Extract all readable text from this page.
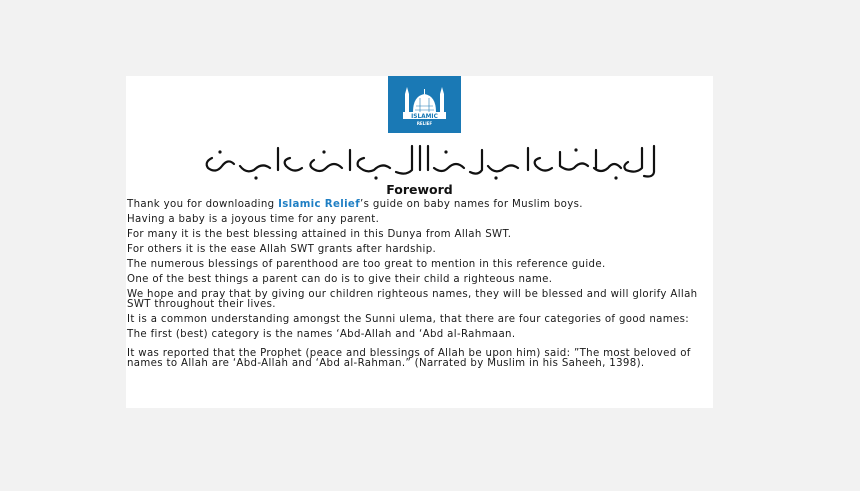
ISLAMIC
RELIEF
Foreword

Thank you for downloading Islamic Relief’s guide on baby names for Muslim boys.

Having a baby is a joyous time for any parent.

For many it is the best blessing attained in this Dunya from Allah SWT.

For others it is the ease Allah SWT grants after hardship.

The numerous blessings of parenthood are too great to mention in this reference guide.

One of the best things a parent can do is to give their child a righteous name.

We hope and pray that by giving our children righteous names, they will be blessed and will glorify Allah SWT throughout their lives.

It is a common understanding amongst the Sunni ulema, that there are four categories of good names:

The first (best) category is the names ‘Abd-Allah and ‘Abd al-Rahmaan.

It was reported that the Prophet (peace and blessings of Allah be upon him) said: ”The most beloved of names to Allah are ‘Abd-Allah and ‘Abd al-Rahman.” (Narrated by Muslim in his Saheeh, 1398).
